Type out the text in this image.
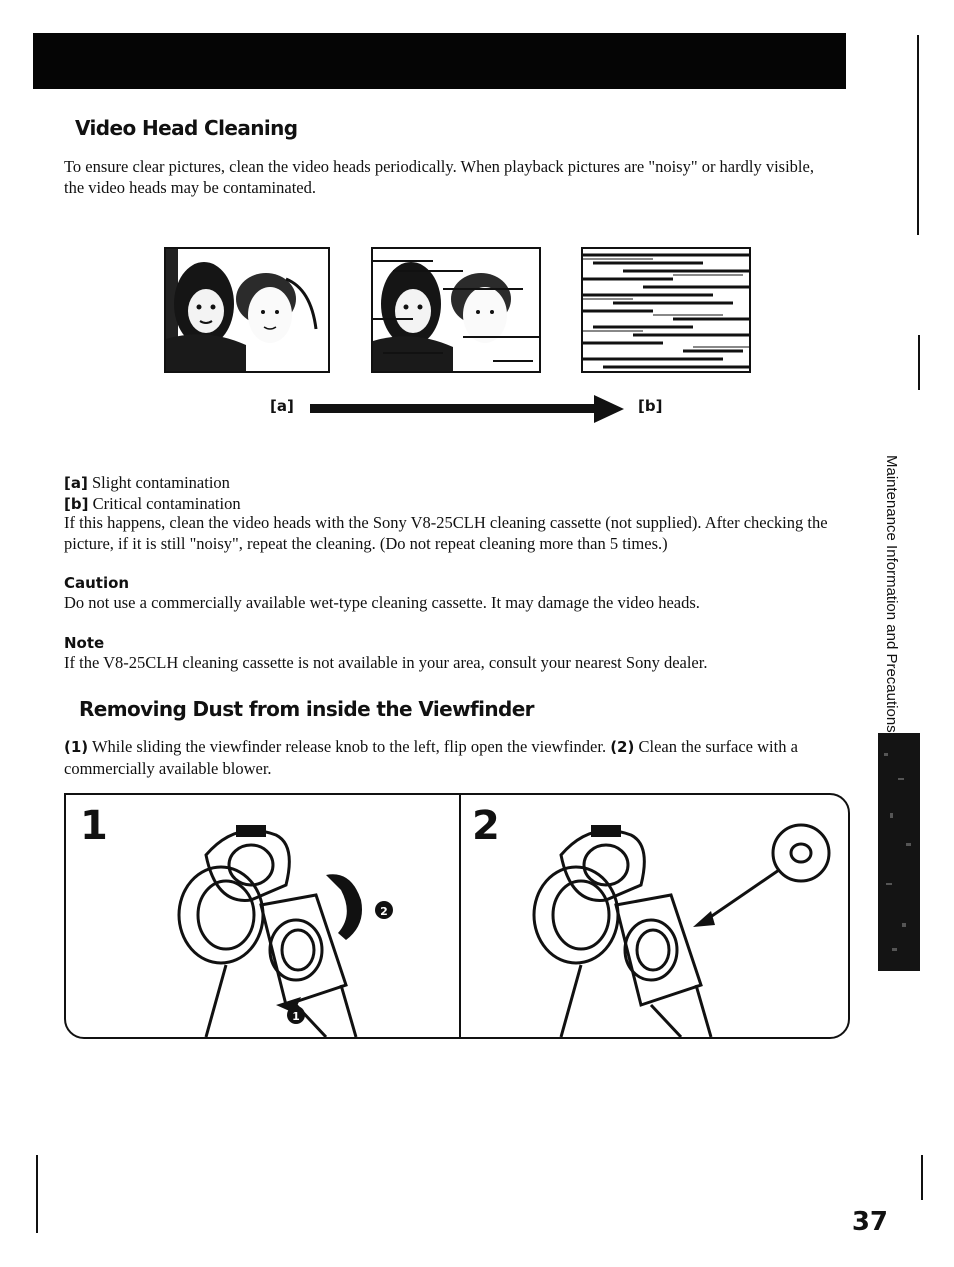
Video Head Cleaning
To ensure clear pictures, clean the video heads periodically. When playback pictures are "noisy" or hardly visible, the video heads may be contaminated.
[a]	[b]
[a] Slight contamination
[b] Critical contamination
If this happens, clean the video heads with the Sony V8-25CLH cleaning cassette (not supplied). After checking the picture, if it is still "noisy", repeat the cleaning. (Do not repeat cleaning more than 5 times.)
Caution
Do not use a commercially available wet-type cleaning cassette. It may damage the video heads.
Note
If the V8-25CLH cleaning cassette is not available in your area, consult your nearest Sony dealer.
Removing Dust from inside the Viewfinder
(1) While sliding the viewfinder release knob to the left, flip open the viewfinder. (2) Clean the surface with a commercially available blower.
1	2
2
1
Maintenance Information and Precautions
37
